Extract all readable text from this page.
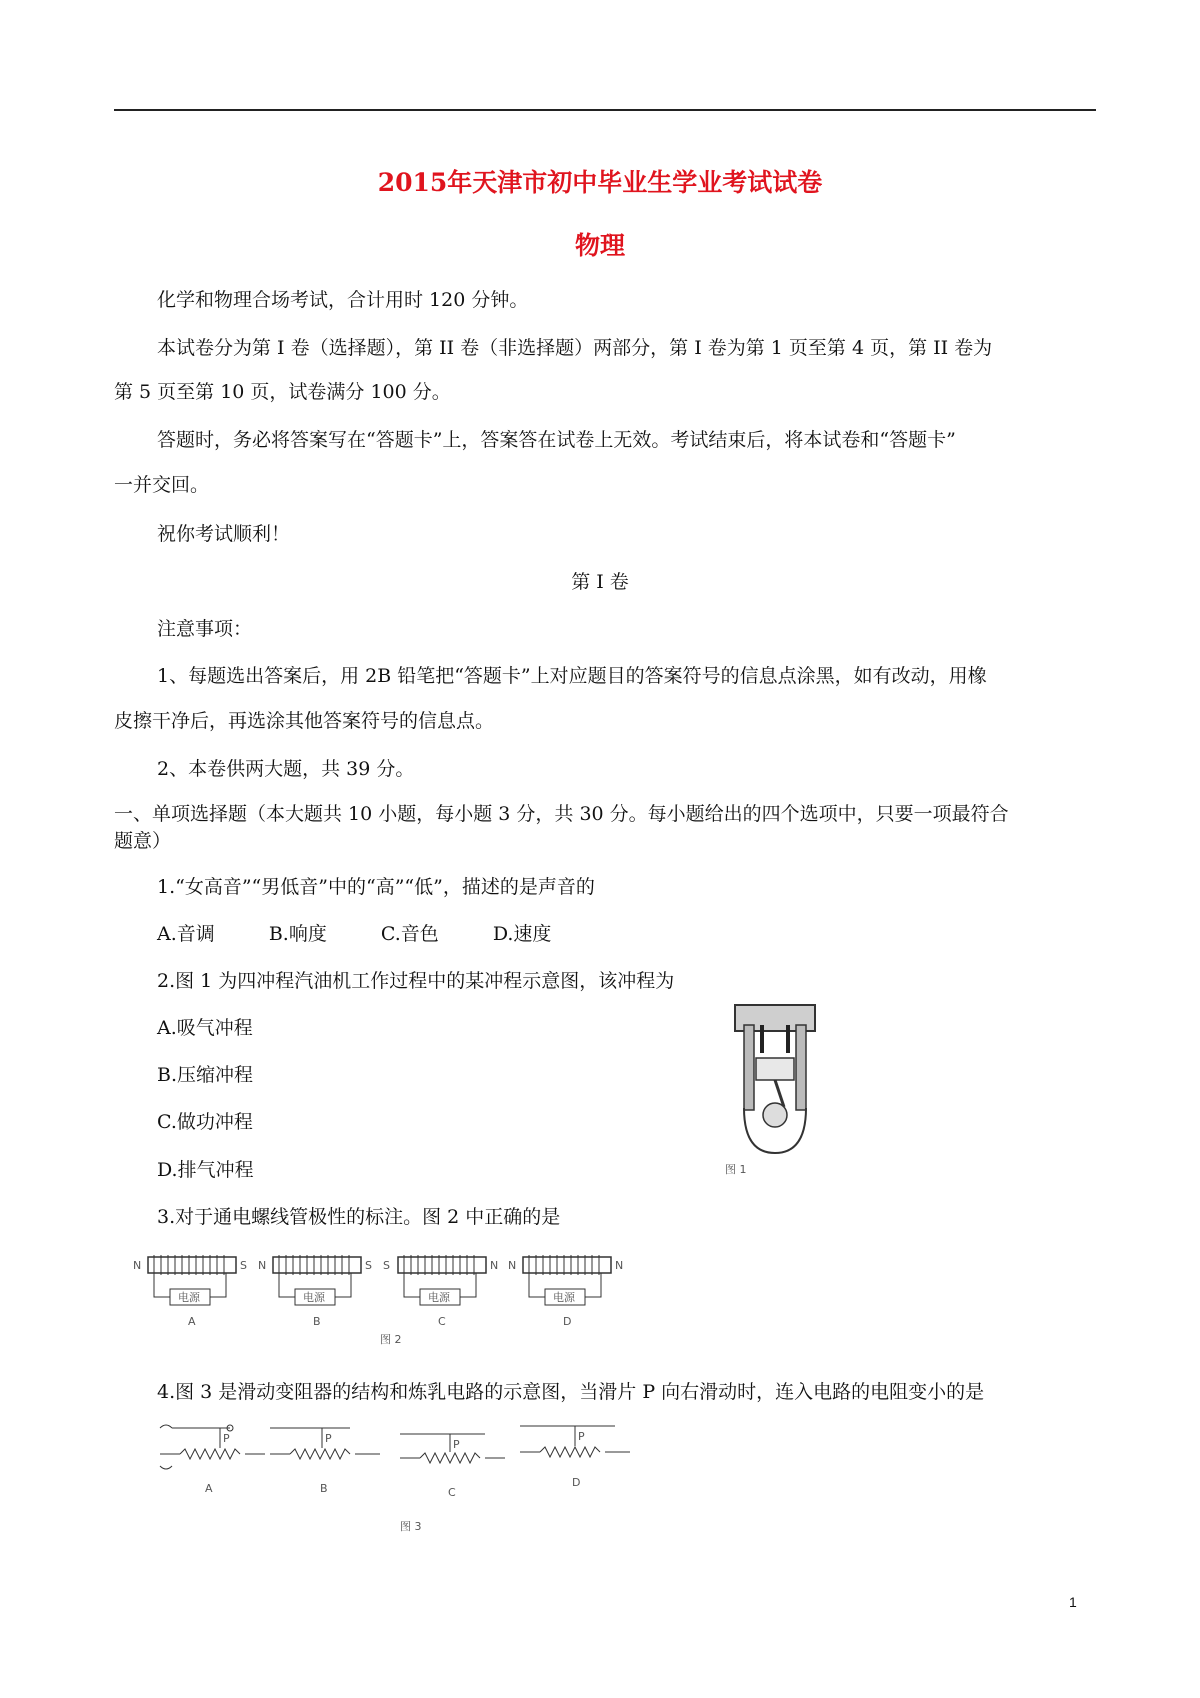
2015年天津市初中毕业生学业考试试卷
物理
化学和物理合场考试，合计用时 120 分钟。
本试卷分为第 I 卷（选择题），第 II 卷（非选择题）两部分，第 I 卷为第 1 页至第 4 页，第 II 卷为
第 5 页至第 10 页，试卷满分 100 分。
答题时，务必将答案写在“答题卡”上，答案答在试卷上无效。考试结束后，将本试卷和“答题卡”
一并交回。
祝你考试顺利！
第 I 卷
注意事项：
1、每题选出答案后，用 2B 铅笔把“答题卡”上对应题目的答案符号的信息点涂黑，如有改动，用橡
皮擦干净后，再选涂其他答案符号的信息点。
2、本卷供两大题，共 39 分。
一、单项选择题（本大题共 10 小题，每小题 3 分，共 30 分。每小题给出的四个选项中，只要一项最符合
题意）
1.“女高音”“男低音”中的“高”“低”，描述的是声音的
A.音调	B.响度	C.音色	D.速度
2.图 1 为四冲程汽油机工作过程中的某冲程示意图，该冲程为
A.吸气冲程
B.压缩冲程
C.做功冲程
D.排气冲程	图 1
3.对于通电螺线管极性的标注。图 2 中正确的是
N	S
电源
A
N	S
电源
B
S	N
电源
C
N	N
电源
D
图 2
4.图 3 是滑动变阻器的结构和炼乳电路的示意图，当滑片 P 向右滑动时，连入电路的电阻变小的是
P
A
P
B
P
C
P
D
图 3
1
